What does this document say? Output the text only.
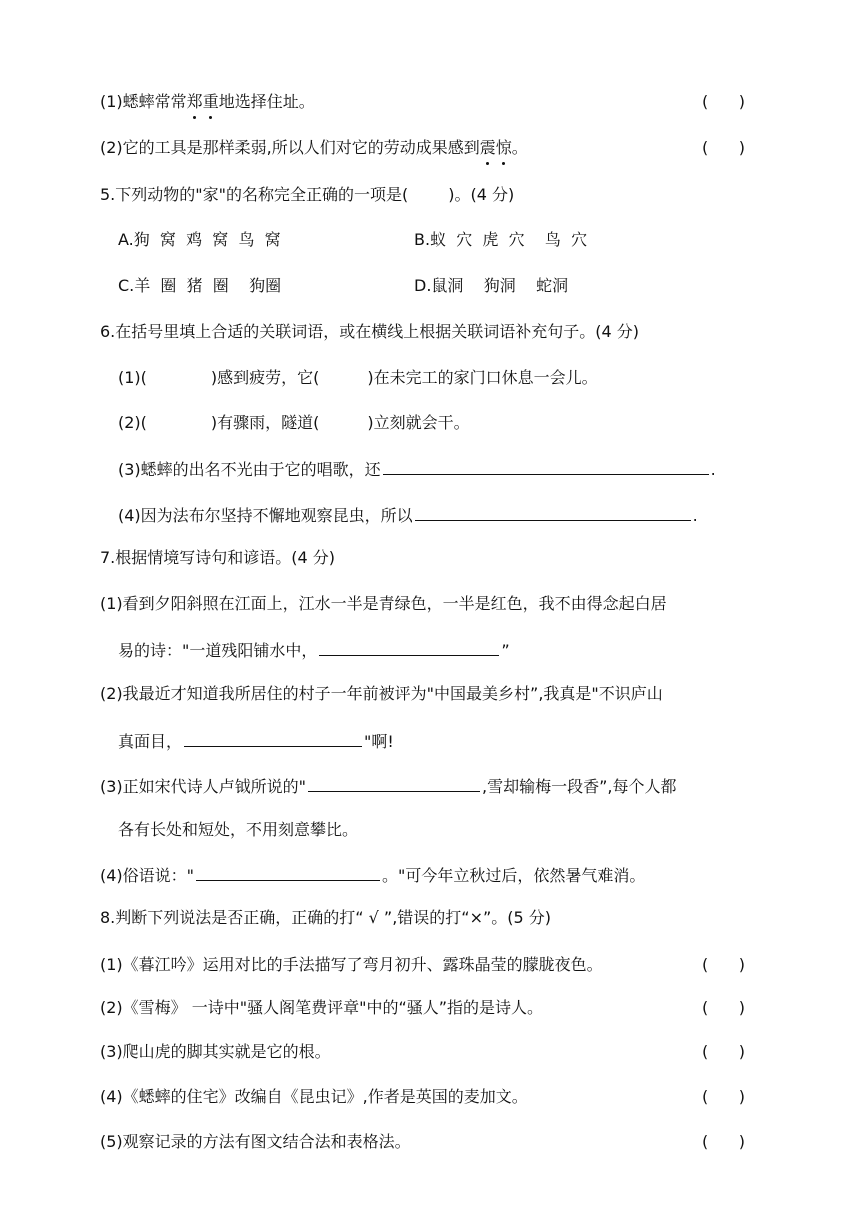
(1)蟋蟀常常郑重地选择住址。	(      )
(2)它的工具是那样柔弱,所以人们对它的劳动成果感到震惊。	(      )
5.下列动物的"家"的名称完全正确的一项是(	)。(4 分)
A.狗  窝  鸡  窝  鸟  窝	B.蚁  穴  虎  穴    鸟  穴
C.羊  圈  猪  圈    狗圈	D.鼠洞    狗洞    蛇洞
6.在括号里填上合适的关联词语，或在横线上根据关联词语补充句子。(4 分)
(1)(	)感到疲劳，它(	)在未完工的家门口休息一会儿。
(2)(	)有骤雨，隧道(	)立刻就会干。
(3)蟋蟀的出名不光由于它的唱歌，还	.
(4)因为法布尔坚持不懈地观察昆虫，所以	.
7.根据情境写诗句和谚语。(4 分)
(1)看到夕阳斜照在江面上，江水一半是青绿色，一半是红色，我不由得念起白居
易的诗："一道残阳铺水中，	”
(2)我最近才知道我所居住的村子一年前被评为"中国最美乡村”,我真是"不识庐山
真面目，	"啊!
(3)正如宋代诗人卢钺所说的"	,雪却输梅一段香”,每个人都
各有长处和短处，不用刻意攀比。
(4)俗语说："	。"可今年立秋过后，依然暑气难消。
8.判断下列说法是否正确，正确的打“ √ ”,错误的打“×”。(5 分)
(1)《暮江吟》运用对比的手法描写了弯月初升、露珠晶莹的朦胧夜色。	(      )
(2)《雪梅》 一诗中"骚人阁笔费评章"中的“骚人”指的是诗人。	(      )
(3)爬山虎的脚其实就是它的根。	(      )
(4)《蟋蟀的住宅》改编自《昆虫记》,作者是英国的麦加文。	(      )
(5)观察记录的方法有图文结合法和表格法。	(      )
